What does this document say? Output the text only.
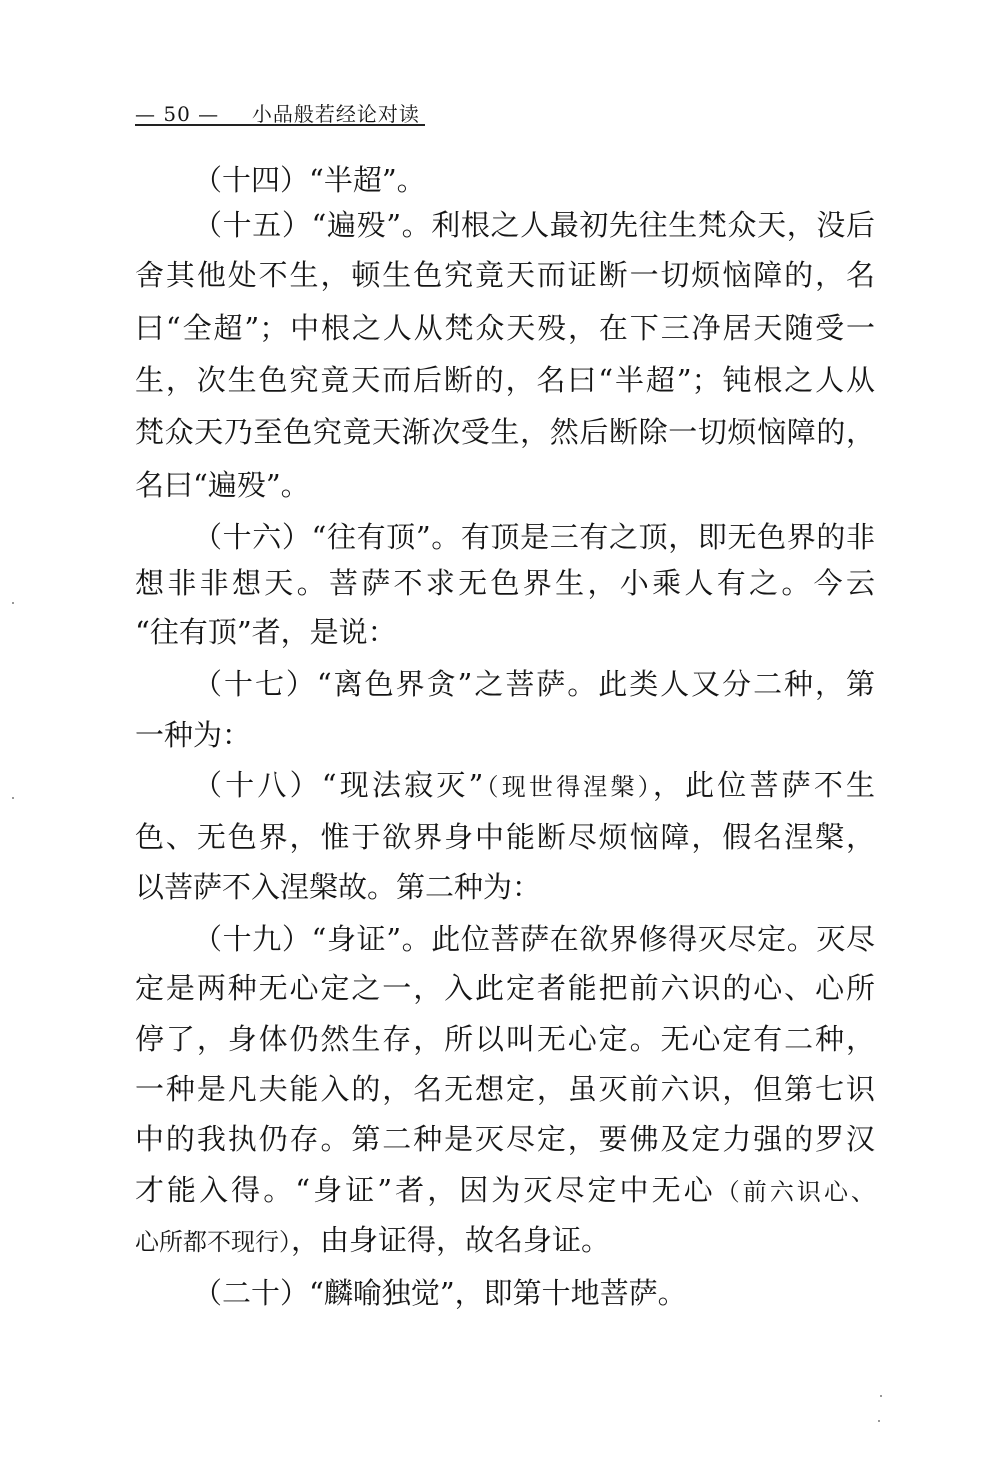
— 50 — 小品般若经论对读
（十四）“半超”。
（十五）“遍殁”。利根之人最初先往生梵众天，没后
舍其他处不生，顿生色究竟天而证断一切烦恼障的，名
曰“全超”；中根之人从梵众天殁，在下三净居天随受一
生，次生色究竟天而后断的，名曰“半超”；钝根之人从
梵众天乃至色究竟天渐次受生，然后断除一切烦恼障的，
名曰“遍殁”。
（十六）“往有顶”。有顶是三有之顶，即无色界的非
想非非想天。菩萨不求无色界生，小乘人有之。今云
“往有顶”者，是说：
（十七）“离色界贪”之菩萨。此类人又分二种，第
一种为：
（十八）“现法寂灭”（现世得涅槃），此位菩萨不生
色、无色界，惟于欲界身中能断尽烦恼障，假名涅槃，
以菩萨不入涅槃故。第二种为：
（十九）“身证”。此位菩萨在欲界修得灭尽定。灭尽
定是两种无心定之一，入此定者能把前六识的心、心所
停了，身体仍然生存，所以叫无心定。无心定有二种，
一种是凡夫能入的，名无想定，虽灭前六识，但第七识
中的我执仍存。第二种是灭尽定，要佛及定力强的罗汉
才能入得。“身证”者，因为灭尽定中无心（前六识心、
心所都不现行），由身证得，故名身证。
（二十）“麟喻独觉”，即第十地菩萨。
